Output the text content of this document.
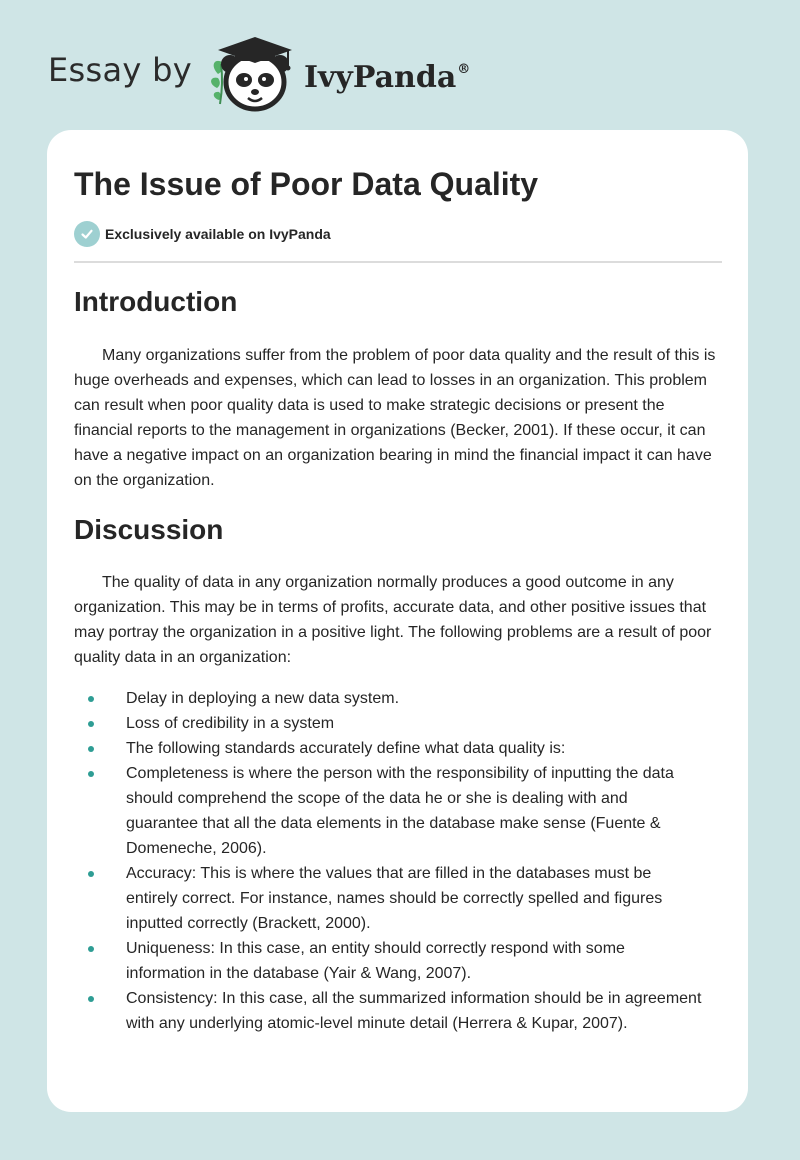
Essay by	IvyPanda®
The Issue of Poor Data Quality
Exclusively available on IvyPanda
Introduction

Many organizations suffer from the problem of poor data quality and the result of this is huge overheads and expenses, which can lead to losses in an organization. This problem can result when poor quality data is used to make strategic decisions or present the financial reports to the management in organizations (Becker, 2001). If these occur, it can have a negative impact on an organization bearing in mind the financial impact it can have on the organization.

Discussion

The quality of data in any organization normally produces a good outcome in any organization. This may be in terms of profits, accurate data, and other positive issues that may portray the organization in a positive light. The following problems are a result of poor quality data in an organization:

Delay in deploying a new data system.
Loss of credibility in a system
The following standards accurately define what data quality is:
Completeness is where the person with the responsibility of inputting the data should comprehend the scope of the data he or she is dealing with and guarantee that all the data elements in the database make sense (Fuente & Domeneche, 2006).
Accuracy: This is where the values that are filled in the databases must be entirely correct. For instance, names should be correctly spelled and figures inputted correctly (Brackett, 2000).
Uniqueness: In this case, an entity should correctly respond with some information in the database (Yair & Wang, 2007).
Consistency: In this case, all the summarized information should be in agreement with any underlying atomic-level minute detail (Herrera & Kupar, 2007).
